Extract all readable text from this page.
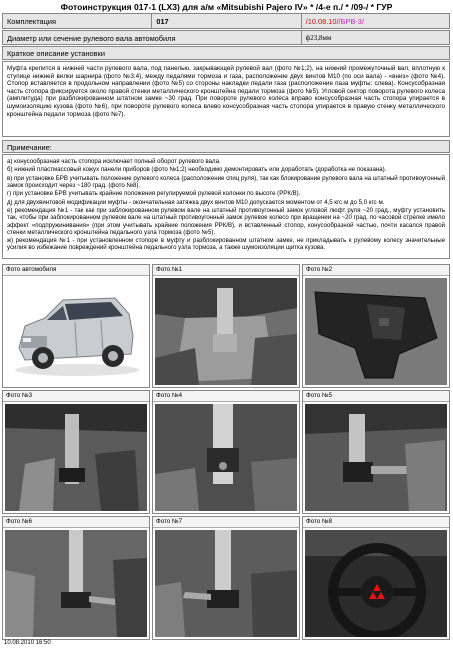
Фотоинструкция 017-1 (LX3) для а/м «Mitsubishi Pajero IV» * /4-е п./ * /09-/ * ГУР
Комплектация	017	/10.08.10/ /БРВ-3/
Диаметр или сечение рулевого вала автомобиля	ф23,8мм
Краткое описание установки
Муфта крепится в нижней части рулевого вала, под панелью, закрывающей рулевой вал (фото №1;2), на нижний промежуточный вал, вплотную к ступице нижней вилки шарнира (фото №3;4), между педалями тормоза и газа, расположение двух винтов М10 (по оси вала) - «вниз» (фото №4). Стопор вставляется в продольном направлении (фото №5) со стороны накладки педали газа (расположение паза муфты: слева). Консусобразная часть стопора фиксируется около правой стенки металлического кронштейна педали тормоза (фото №5). Угловой сектор поворота рулевого колеса (амплитуда) при разблокированном штатном замке ~30 град. При повороте рулевого колеса вправо консусобразная часть стопора упирается в шумоизоляцию кузова (фото №6), при повороте рулевого колеса влево консусобразная часть стопора упирается в правую стенку металлического кронштейна педали тормоза (фото №7).
Примечание:

а) конусообразная часть стопора исключает полный оборот рулевого вала.

б) нижний пластмассовый кожух панели приборов (фото №1;2) необходимо демонтировать или доработать (доработка не показана).

в) при установке БРВ учитывать положение рулевого колеса (расположение спиц руля), так как блокирование рулевого вала на штатный противоугонный замок происходит через ~180 град. (фото №8).

г) при установке БРВ учитывать крайние положения регулируемой рулевой колонки по высоте (РРК/В).

д) для двухвинтовой модификации муфты - окончательная затяжка двух винтов М10 допускается моментом от 4,5 кгс·м до 5,0 кгс·м.

е) рекомендация №1 - так как при заблокированном рулевом вале на штатный противоугонный замок угловой люфт руля ~20 град., муфту установить так, чтобы при заблокированном рулевом вале на штатный противоугонный замок рулевое колесо при вращении на ~20 град. по часовой стрелке имело эффект «подпружинивания» (при этом учитывать крайние положения РРК/В), и вставленный стопор, конусообразной частью, почти касался правой стенки металлического кронштейна педального узла тормоза (фото №5).

ж) рекомендация №1 - при установленном стопоре в муфту и разблокированном штатном замке, не прикладывать к рулевому колесу значительные усилия во избежание повреждений кронштейна педального узла тормоза, а также шумоизоляции щитка кузова.

Фото автомобиля	Фото №1	Фото №2
Фото №3	Фото №4	Фото №5
Фото №6	Фото №7	Фото №8
10.08.2010 16:50
